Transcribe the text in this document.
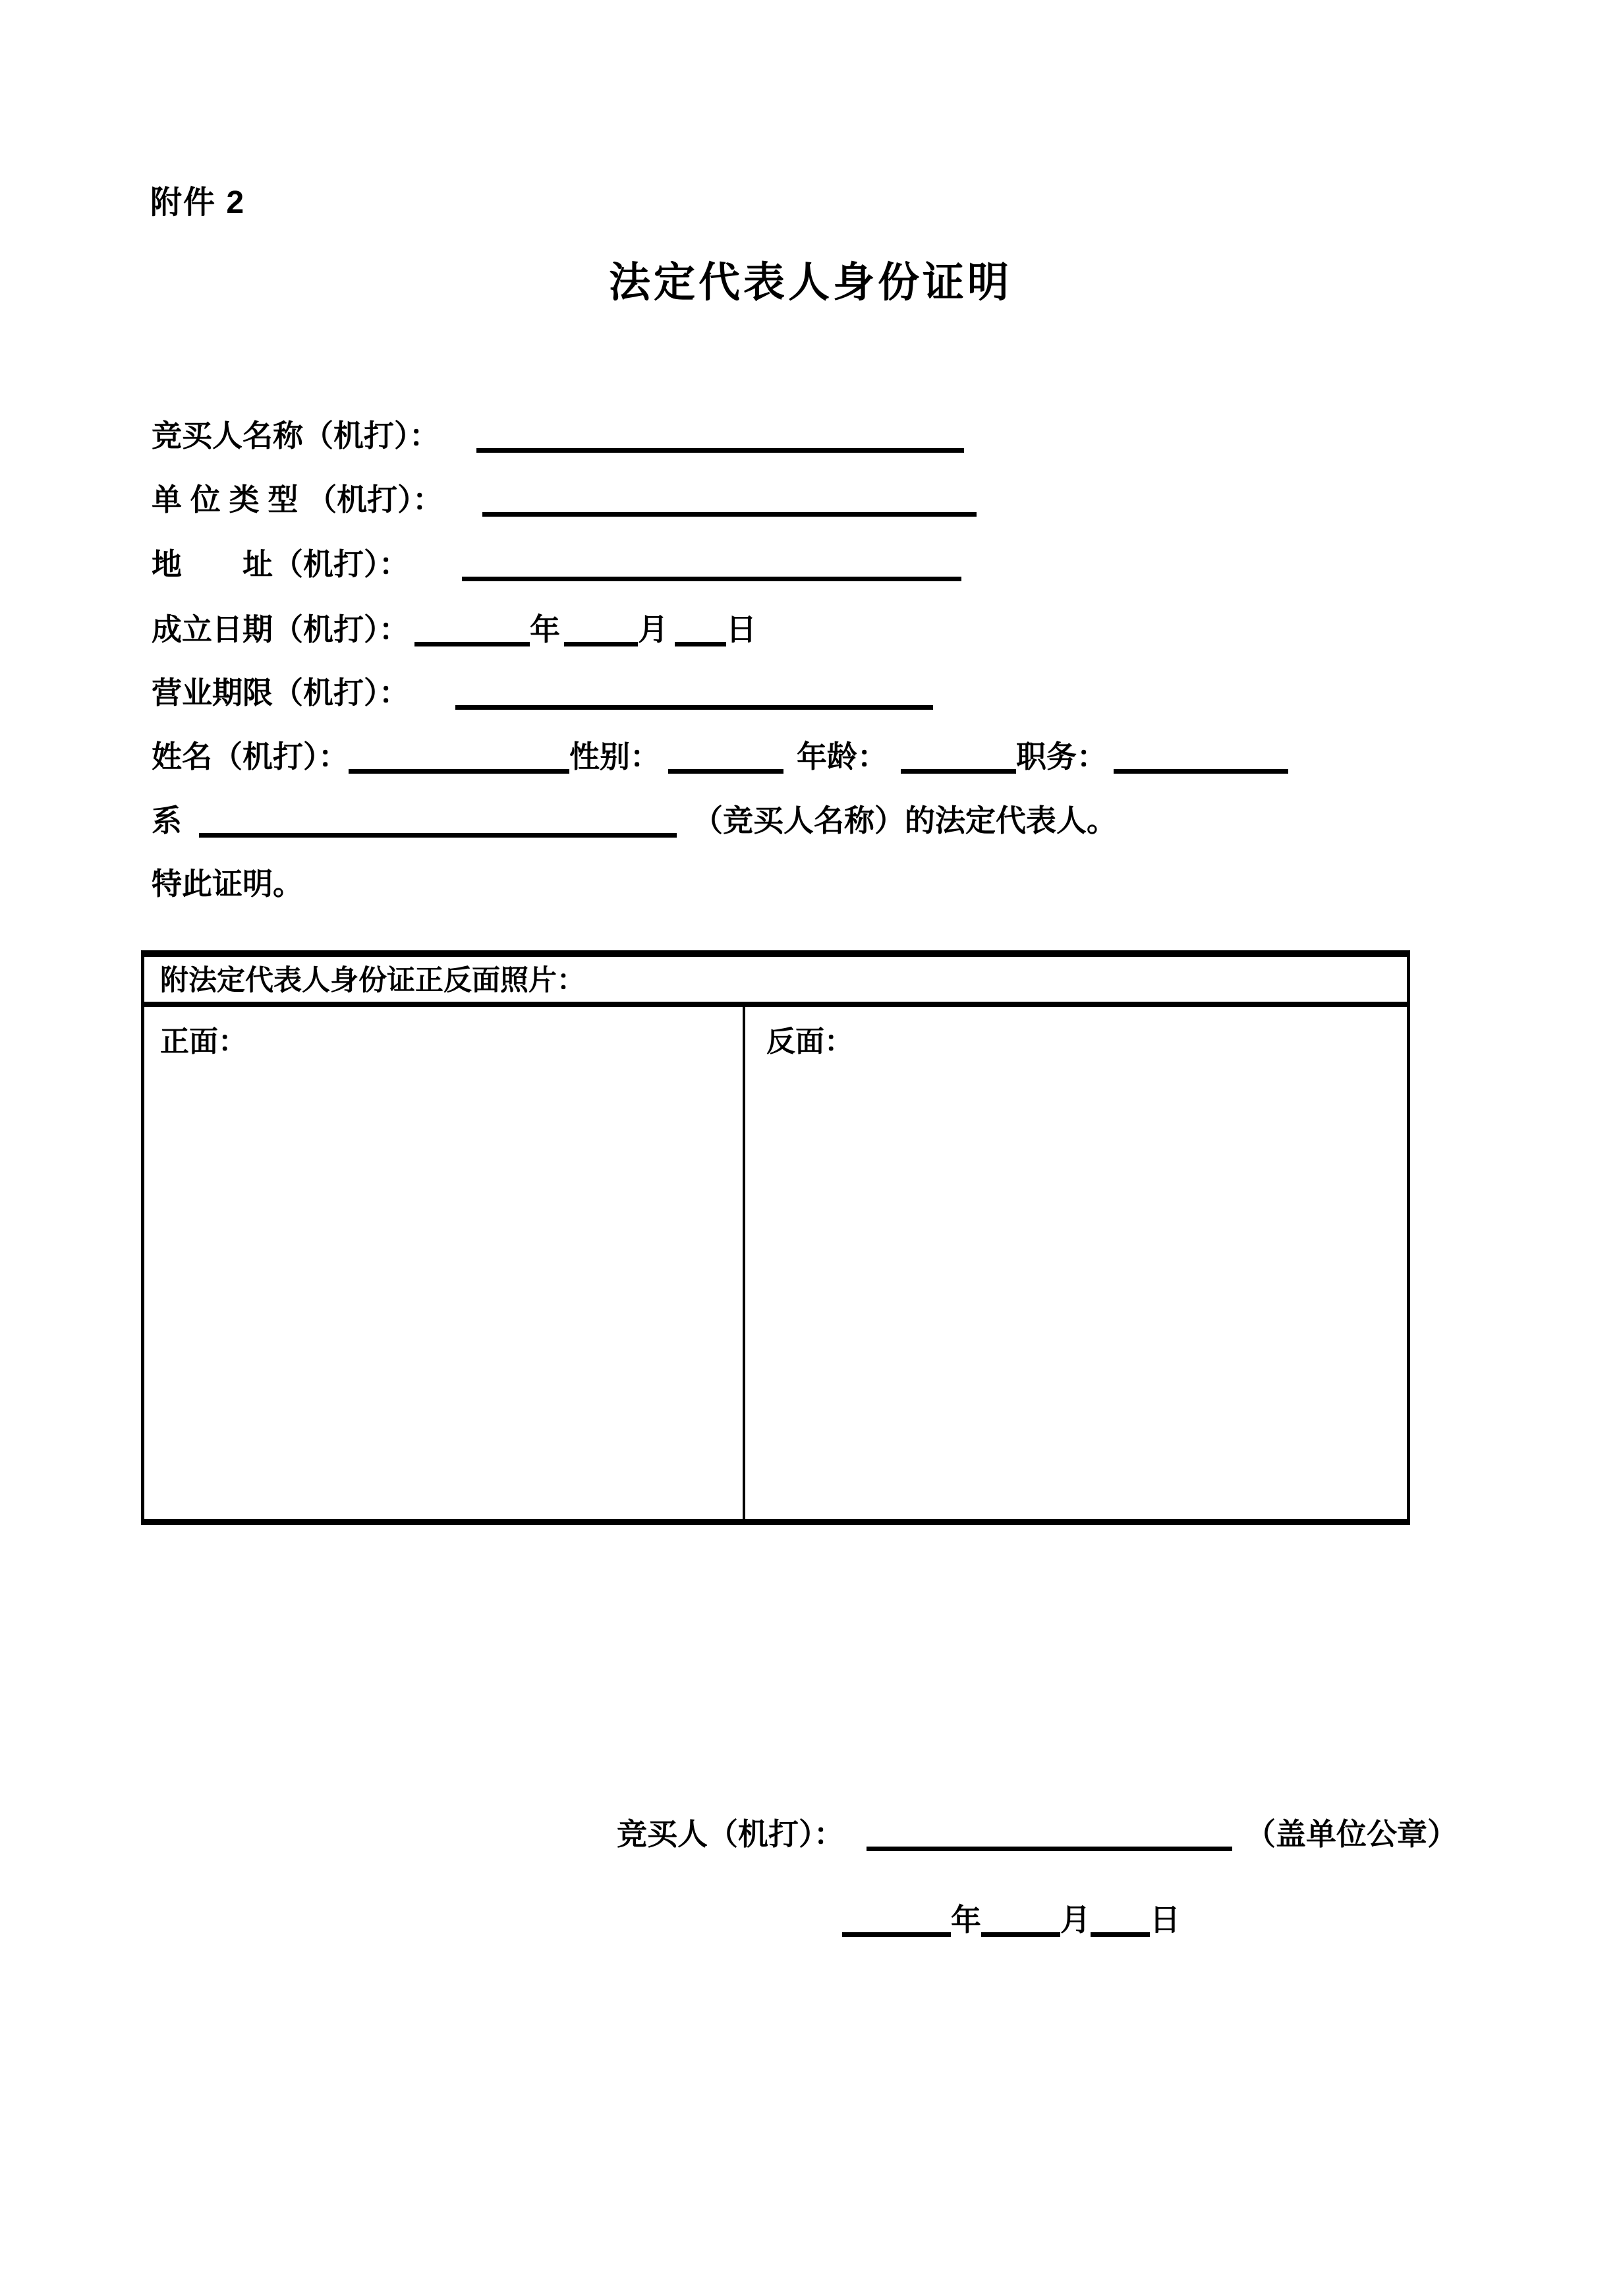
附件 2
法定代表人身份证明
竞买人名称（机打）：
单 位 类 型 （机打）：
地　　址（机打）：
成立日期（机打）：	年	月 日
营业期限（机打）：
姓名（机打）：	性别：	年龄：	职务：
系	（竞买人名称）的法定代表人。
特此证明。
附法定代表人身份证正反面照片：
正面：	反面：
竞买人（机打）：	（盖单位公章）
年	月 日
